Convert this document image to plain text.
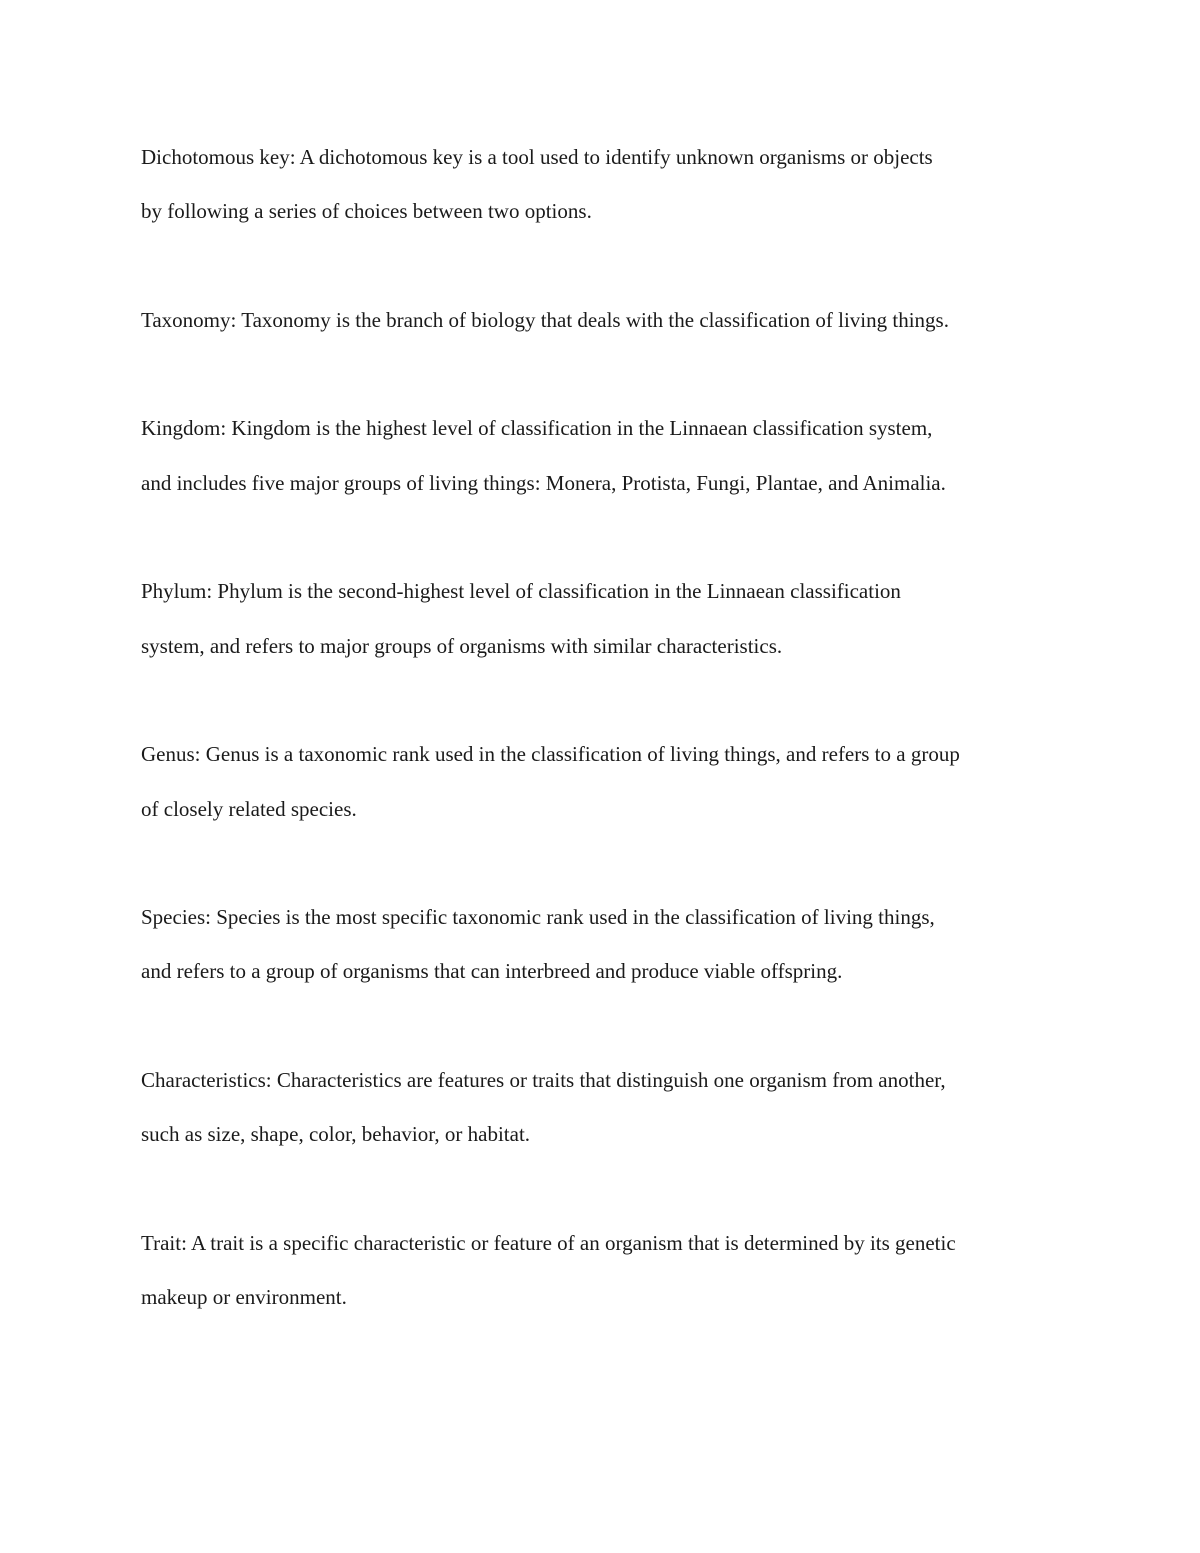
Dichotomous key: A dichotomous key is a tool used to identify unknown organisms or objects
by following a series of choices between two options.
Taxonomy: Taxonomy is the branch of biology that deals with the classification of living things.
Kingdom: Kingdom is the highest level of classification in the Linnaean classification system,
and includes five major groups of living things: Monera, Protista, Fungi, Plantae, and Animalia.
Phylum: Phylum is the second-highest level of classification in the Linnaean classification
system, and refers to major groups of organisms with similar characteristics.
Genus: Genus is a taxonomic rank used in the classification of living things, and refers to a group
of closely related species.
Species: Species is the most specific taxonomic rank used in the classification of living things,
and refers to a group of organisms that can interbreed and produce viable offspring.
Characteristics: Characteristics are features or traits that distinguish one organism from another,
such as size, shape, color, behavior, or habitat.
Trait: A trait is a specific characteristic or feature of an organism that is determined by its genetic
makeup or environment.
